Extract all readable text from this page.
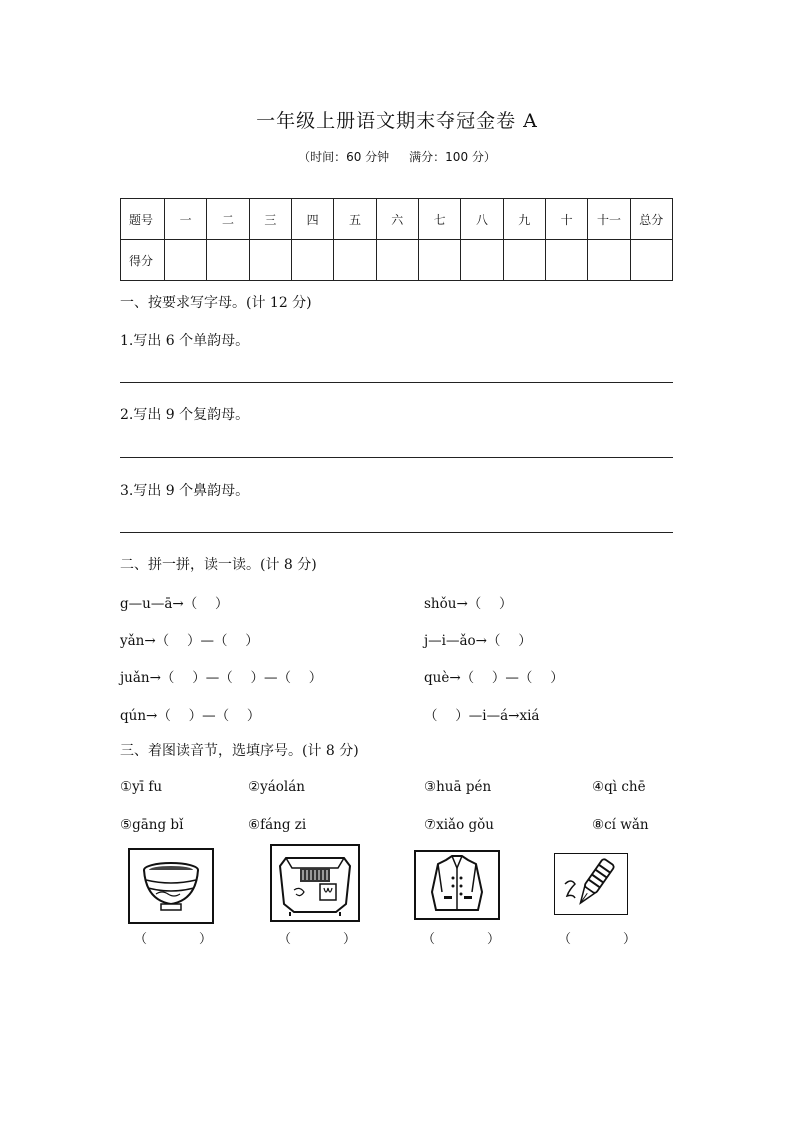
一年级上册语文期末夺冠金卷 A
（时间：60 分钟 满分：100 分）
题号	一	二	三	四	五	六	七	八	九	十	十一	总分
得分												
一、按要求写字母。(计 12 分)
1.写出 6 个单韵母。
2.写出 9 个复韵母。
3.写出 9 个鼻韵母。
二、拼一拼，读一读。(计 8 分)
g—u—ā→（　 ）	shǒu→（　 ）
yǎn→（　 ）—（　 ）	j—i—ǎo→（　 ）
juǎn→（　 ）—（　 ）—（　 ）	què→（　 ）—（　 ）
qún→（　 ）—（　 ）	（　 ）—i—á→xiá
三、着图读音节，选填序号。(计 8 分)
①yī fu	②yáolán	③huā pén	④qì chē
⑤gāng bǐ	⑥fáng zi	⑦xiǎo gǒu	⑧cí wǎn
（　　　　）	（　　　　）	（　　　　）	（　　　　）
